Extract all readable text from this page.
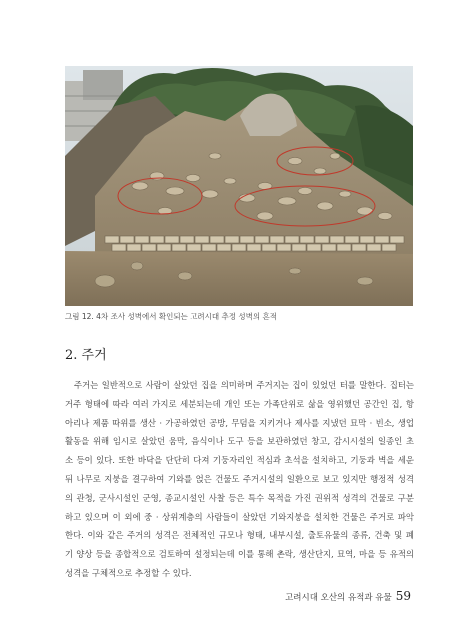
그림 12. 4차 조사 성벽에서 확인되는 고려시대 추정 성벽의 흔적
2. 주거
주거는 일반적으로 사람이 살았던 집을 의미하며 주거지는 집이 있었던 터를 말한다. 집터는
거주 형태에 따라 여러 가지로 세분되는데 개인 또는 가족단위로 삶을 영위했던 공간인 집, 항
아리나 제품 따위를 생산 · 가공하였던 공방, 무덤을 지키거나 제사를 지냈던 묘막 · 빈소, 생업
활동을 위해 임시로 살았던 움막, 음식이나 도구 등을 보관하였던 창고, 감시시설의 일종인 초
소 등이 있다. 또한 바닥을 단단히 다져 기둥자리인 적심과 초석을 설치하고, 기둥과 벽을 세운
뒤 나무로 지붕을 결구하여 기와를 얹은 건물도 주거시설의 일환으로 보고 있지만 행정적 성격
의 관청, 군사시설인 군영, 종교시설인 사찰 등은 특수 목적을 가진 권위적 성격의 건물로 구분
하고 있으며 이 외에 중 · 상위계층의 사람들이 살았던 기와지붕을 설치한 건물은 주거로 파악
한다. 이와 같은 주거의 성격은 전체적인 규모나 형태, 내부시설, 출토유물의 종류, 건축 및 폐
기 양상 등을 종합적으로 검토하여 설정되는데 이를 통해 촌락, 생산단지, 묘역, 마을 등 유적의
성격을 구체적으로 추정할 수 있다.
고려시대 오산의 유적과 유물 59
